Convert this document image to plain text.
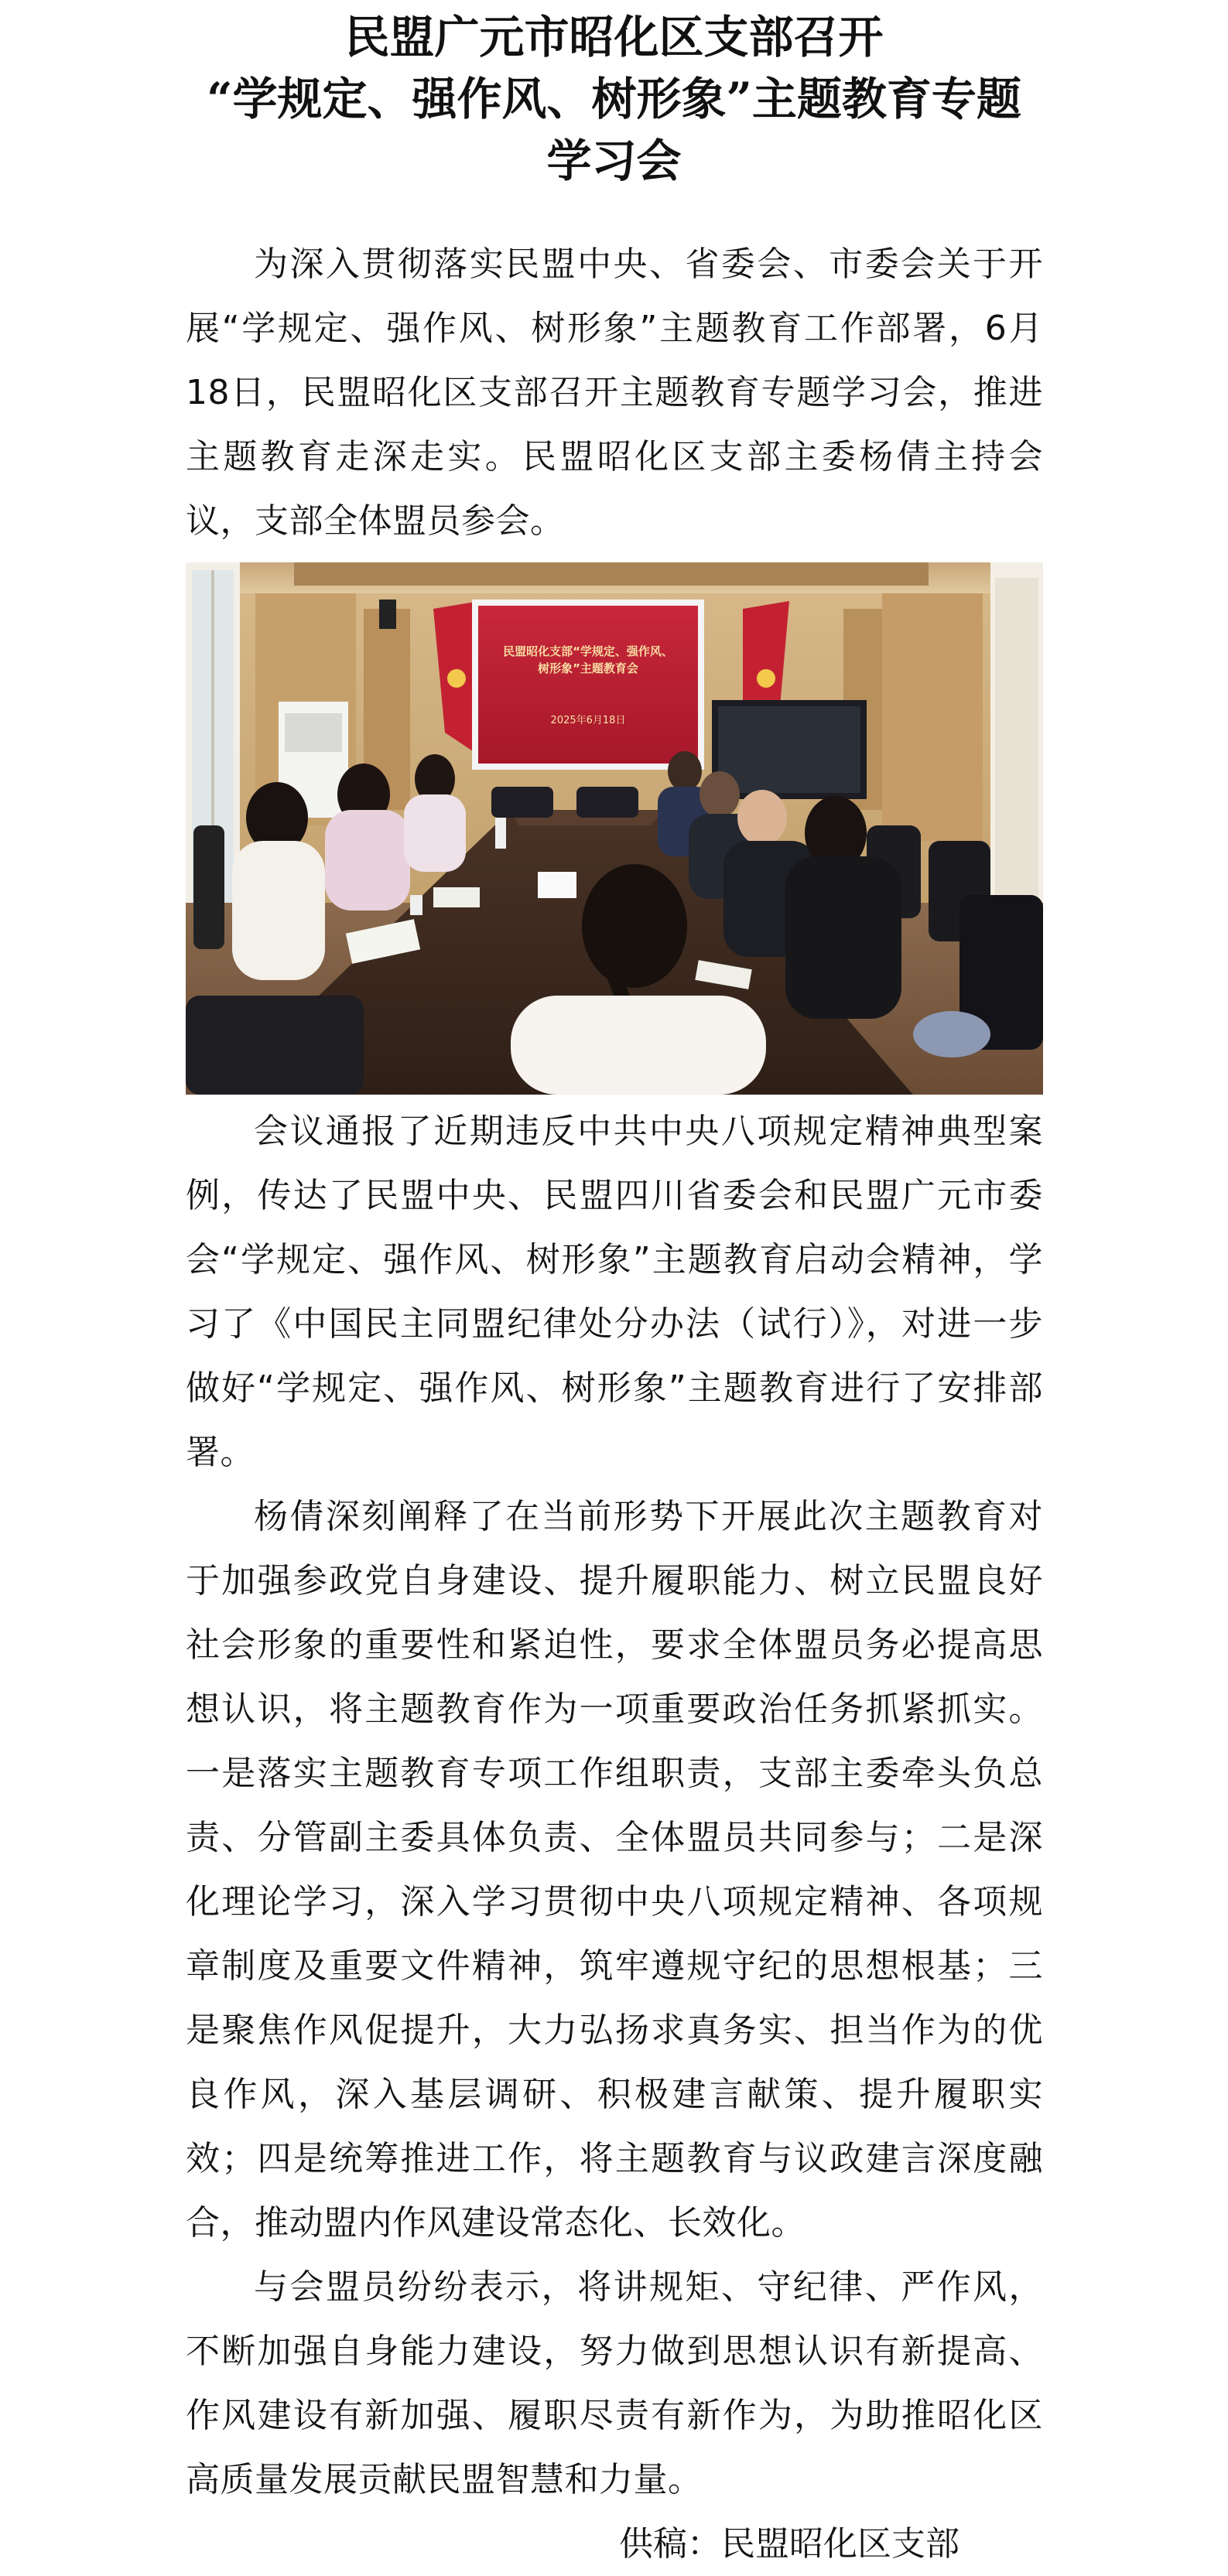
民盟广元市昭化区支部召开
“学规定、强作风、树形象”主题教育专题
学习会

为深入贯彻落实民盟中央、省委会、市委会关于开展“学规定、强作风、树形象”主题教育工作部署，6月18日，民盟昭化区支部召开主题教育专题学习会，推进主题教育走深走实。民盟昭化区支部主委杨倩主持会议，支部全体盟员参会。

民盟昭化支部“学规定、强作风、
树形象”主题教育会
2025年6月18日

会议通报了近期违反中共中央八项规定精神典型案例，传达了民盟中央、民盟四川省委会和民盟广元市委会“学规定、强作风、树形象”主题教育启动会精神，学习了《中国民主同盟纪律处分办法（试行）》，对进一步做好“学规定、强作风、树形象”主题教育进行了安排部署。

杨倩深刻阐释了在当前形势下开展此次主题教育对于加强参政党自身建设、提升履职能力、树立民盟良好社会形象的重要性和紧迫性，要求全体盟员务必提高思想认识，将主题教育作为一项重要政治任务抓紧抓实。一是落实主题教育专项工作组职责，支部主委牵头负总责、分管副主委具体负责、全体盟员共同参与；二是深化理论学习，深入学习贯彻中央八项规定精神、各项规章制度及重要文件精神，筑牢遵规守纪的思想根基；三是聚焦作风促提升，大力弘扬求真务实、担当作为的优良作风，深入基层调研、积极建言献策、提升履职实效；四是统筹推进工作，将主题教育与议政建言深度融合，推动盟内作风建设常态化、长效化。

与会盟员纷纷表示，将讲规矩、守纪律、严作风，不断加强自身能力建设，努力做到思想认识有新提高、作风建设有新加强、履职尽责有新作为，为助推昭化区高质量发展贡献民盟智慧和力量。

供稿：民盟昭化区支部
